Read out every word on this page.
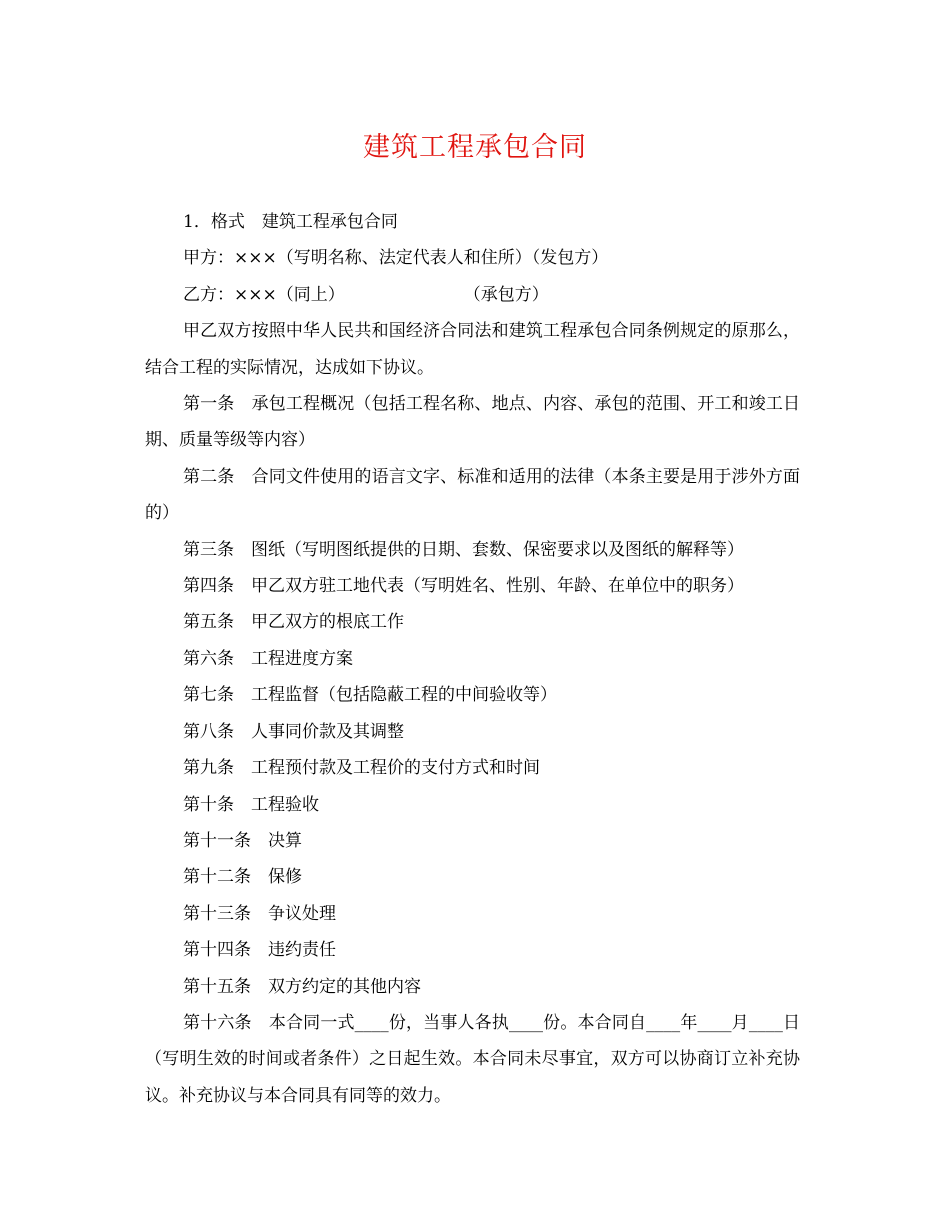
建筑工程承包合同

1．格式　建筑工程承包合同

甲方：×××（写明名称、法定代表人和住所）（发包方）

乙方：×××（同上）　　　　　　　　（承包方）

甲乙双方按照中华人民共和国经济合同法和建筑工程承包合同条例规定的原那么，结合工程的实际情况，达成如下协议。

第一条　承包工程概况（包括工程名称、地点、内容、承包的范围、开工和竣工日期、质量等级等内容）

第二条　合同文件使用的语言文字、标准和适用的法律（本条主要是用于涉外方面的）

第三条　图纸（写明图纸提供的日期、套数、保密要求以及图纸的解释等）

第四条　甲乙双方驻工地代表（写明姓名、性别、年龄、在单位中的职务）

第五条　甲乙双方的根底工作

第六条　工程进度方案

第七条　工程监督（包括隐蔽工程的中间验收等）

第八条　人事同价款及其调整

第九条　工程预付款及工程价的支付方式和时间

第十条　工程验收

第十一条　决算

第十二条　保修

第十三条　争议处理

第十四条　违约责任

第十五条　双方约定的其他内容

第十六条　本合同一式____份，当事人各执____份。本合同自____年____月____日（写明生效的时间或者条件）之日起生效。本合同未尽事宜，双方可以协商订立补充协议。补充协议与本合同具有同等的效力。
